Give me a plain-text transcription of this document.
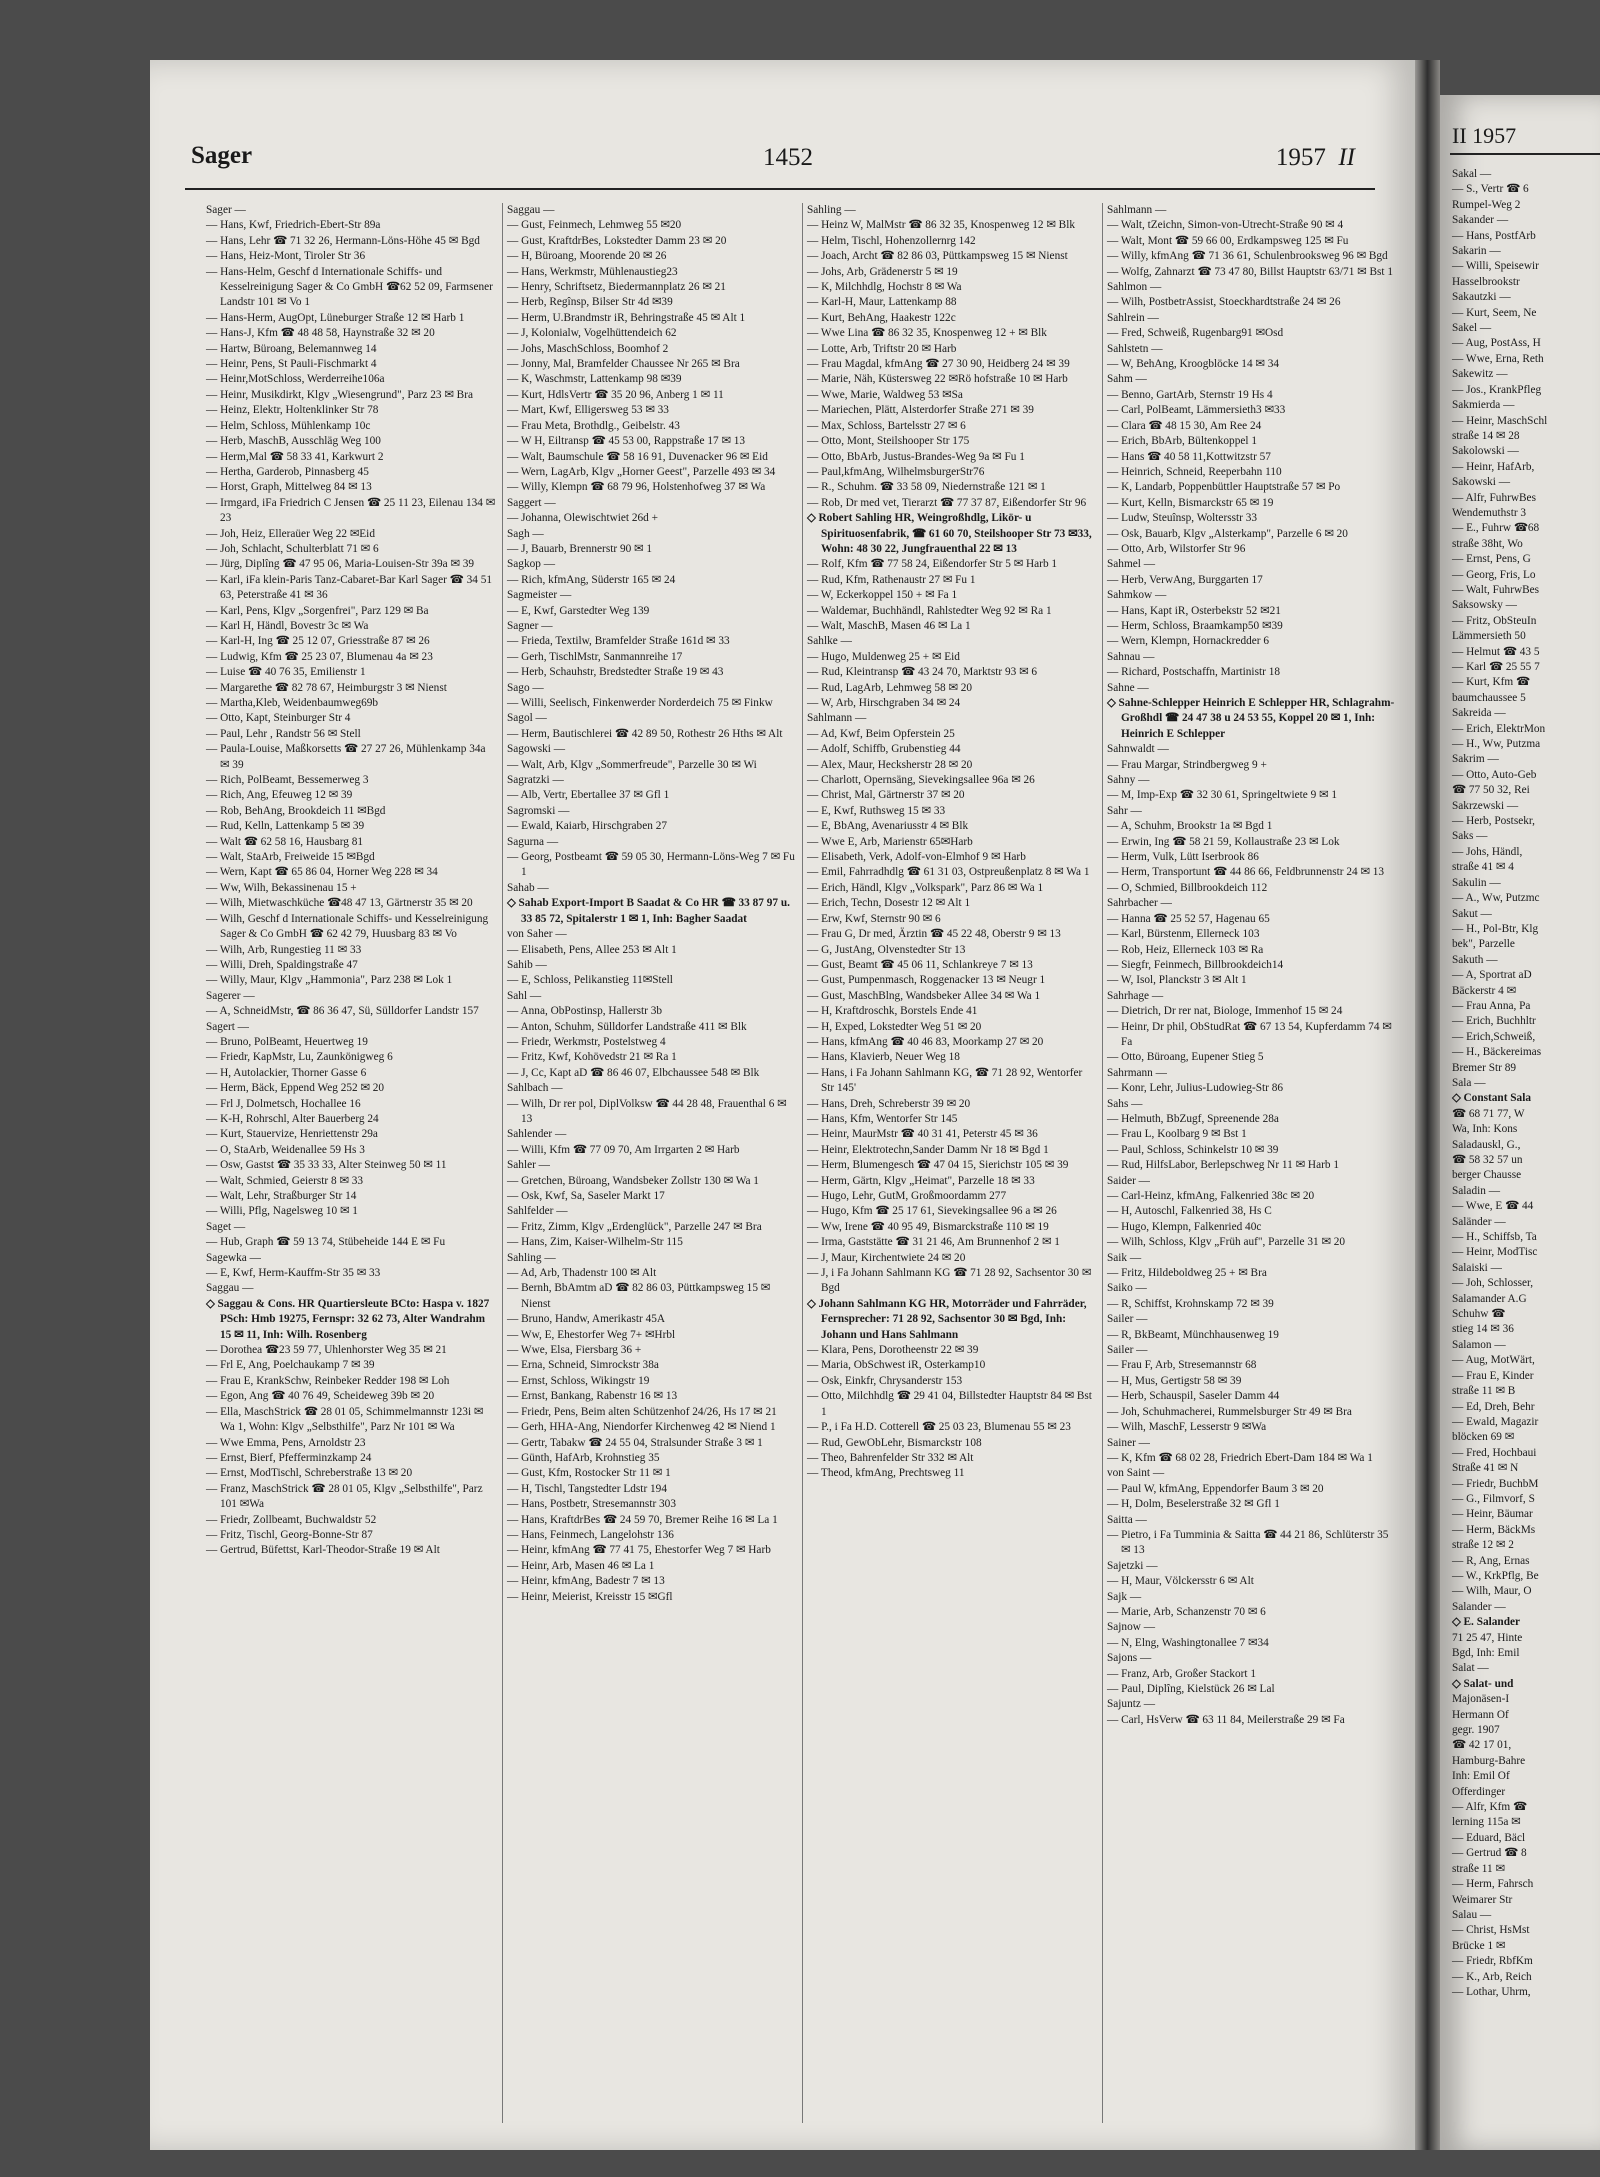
Sager	1452	1957 II
Sager —
— Hans, Kwf, Friedrich-Ebert-Str 89a
— Hans, Lehr ☎ 71 32 26, Hermann-Löns-Höhe 45 ✉ Bgd
— Hans, Heiz-Mont, Tiroler Str 36
— Hans-Helm, Geschf d Internationale Schiffs- und Kesselreinigung Sager & Co GmbH ☎62 52 09, Farmsener Landstr 101 ✉ Vo 1
— Hans-Herm, AugOpt, Lüneburger Straße 12 ✉ Harb 1
— Hans-J, Kfm ☎ 48 48 58, Haynstraße 32 ✉ 20
— Hartw, Büroang, Belemannweg 14
— Heinr, Pens, St Pauli-Fischmarkt 4
— Heinr,MotSchloss, Werderreihe106a
— Heinr, Musikdirkt, Klgv „Wiesengrund", Parz 23 ✉ Bra
— Heinz, Elektr, Holtenklinker Str 78
— Helm, Schloss, Mühlenkamp 10c
— Herb, MaschB, Ausschläg Weg 100
— Herm,Mal ☎ 58 33 41, Karkwurt 2
— Hertha, Garderob, Pinnasberg 45
— Horst, Graph, Mittelweg 84 ✉ 13
— Irmgard, iFa Friedrich C Jensen ☎ 25 11 23, Eilenau 134 ✉ 23
— Joh, Heiz, Elleraüer Weg 22 ✉Eid
— Joh, Schlacht, Schulterblatt 71 ✉ 6
— Jürg, Diplîng ☎ 47 95 06, Maria-Louisen-Str 39a ✉ 39
— Karl, iFa klein-Paris Tanz-Cabaret-Bar Karl Sager ☎ 34 51 63, Peterstraße 41 ✉ 36
— Karl, Pens, Klgv „Sorgenfrei", Parz 129 ✉ Ba
— Karl H, Händl, Bovestr 3c ✉ Wa
— Karl-H, Ing ☎ 25 12 07, Griesstraße 87 ✉ 26
— Ludwig, Kfm ☎ 25 23 07, Blumenau 4a ✉ 23
— Luise ☎ 40 76 35, Emilienstr 1
— Margarethe ☎ 82 78 67, Heimburgstr 3 ✉ Nienst
— Martha,Kleb, Weidenbaumweg69b
— Otto, Kapt, Steinburger Str 4
— Paul, Lehr , Randstr 56 ✉ Stell
— Paula-Louise, Maßkorsetts ☎ 27 27 26, Mühlenkamp 34a ✉ 39
— Rich, PolBeamt, Bessemerweg 3
— Rich, Ang, Efeuweg 12 ✉ 39
— Rob, BehAng, Brookdeich 11 ✉Bgd
— Rud, Kelln, Lattenkamp 5 ✉ 39
— Walt ☎ 62 58 16, Hausbarg 81
— Walt, StaArb, Freiweide 15 ✉Bgd
— Wern, Kapt ☎ 65 86 04, Horner Weg 228 ✉ 34
— Ww, Wilh, Bekassinenau 15 +
— Wilh, Mietwaschküche ☎48 47 13, Gärtnerstr 35 ✉ 20
— Wilh, Geschf d Internationale Schiffs- und Kesselreinigung Sager & Co GmbH ☎ 62 42 79, Huusbarg 83 ✉ Vo
— Wilh, Arb, Rungestieg 11 ✉ 33
— Willi, Dreh, Spaldingstraße 47
— Willy, Maur, Klgv „Hammonia", Parz 238 ✉ Lok 1
Sagerer —
— A, SchneidMstr, ☎ 86 36 47, Sü, Sülldorfer Landstr 157
Sagert —
— Bruno, PolBeamt, Heuertweg 19
— Friedr, KapMstr, Lu, Zaunkönigweg 6
— H, Autolackier, Thorner Gasse 6
— Herm, Bäck, Eppend Weg 252 ✉ 20
— Frl J, Dolmetsch, Hochallee 16
— K-H, Rohrschl, Alter Bauerberg 24
— Kurt, Stauervize, Henriettenstr 29a
— O, StaArb, Weidenallee 59 Hs 3
— Osw, Gastst ☎ 35 33 33, Alter Steinweg 50 ✉ 11
— Walt, Schmied, Geierstr 8 ✉ 33
— Walt, Lehr, Straßburger Str 14
— Willi, Pflg, Nagelsweg 10 ✉ 1
Saget —
— Hub, Graph ☎ 59 13 74, Stübeheide 144 E ✉ Fu
Sagewka —
— E, Kwf, Herm-Kauffm-Str 35 ✉ 33
Saggau —
◇ Saggau & Cons. HR Quartiersleute BCto: Haspa v. 1827 PSch: Hmb 19275, Fernspr: 32 62 73, Alter Wandrahm 15 ✉ 11, Inh: Wilh. Rosenberg
— Dorothea ☎23 59 77, Uhlenhorster Weg 35 ✉ 21
— Frl E, Ang, Poelchaukamp 7 ✉ 39
— Frau E, KrankSchw, Reinbeker Redder 198 ✉ Loh
— Egon, Ang ☎ 40 76 49, Scheideweg 39b ✉ 20
— Ella, MaschStrick ☎ 28 01 05, Schimmelmannstr 123i ✉ Wa 1, Wohn: Klgv „Selbsthilfe", Parz Nr 101 ✉ Wa
— Wwe Emma, Pens, Arnoldstr 23
— Ernst, Bierf, Pfefferminzkamp 24
— Ernst, ModTischl, Schreberstraße 13 ✉ 20
— Franz, MaschStrick ☎ 28 01 05, Klgv „Selbsthilfe", Parz 101 ✉Wa
— Friedr, Zollbeamt, Buchwaldstr 52
— Fritz, Tischl, Georg-Bonne-Str 87
— Gertrud, Büfettst, Karl-Theodor-Straße 19 ✉ Alt
Saggau —
— Gust, Feinmech, Lehmweg 55 ✉20
— Gust, KraftdrBes, Lokstedter Damm 23 ✉ 20
— H, Büroang, Moorende 20 ✉ 26
— Hans, Werkmstr, Mühlenaustieg23
— Henry, Schriftsetz, Biedermannplatz 26 ✉ 21
— Herb, Regînsp, Bilser Str 4d ✉39
— Herm, U.Brandmstr iR, Behringstraße 45 ✉ Alt 1
— J, Kolonialw, Vogelhüttendeich 62
— Johs, MaschSchloss, Boomhof 2
— Jonny, Mal, Bramfelder Chaussee Nr 265 ✉ Bra
— K, Waschmstr, Lattenkamp 98 ✉39
— Kurt, HdlsVertr ☎ 35 20 96, Anberg 1 ✉ 11
— Mart, Kwf, Elligersweg 53 ✉ 33
— Frau Meta, Brothdlg., Geibelstr. 43
— W H, Eiltransp ☎ 45 53 00, Rappstraße 17 ✉ 13
— Walt, Baumschule ☎ 58 16 91, Duvenacker 96 ✉ Eid
— Wern, LagArb, Klgv „Horner Geest", Parzelle 493 ✉ 34
— Willy, Klempn ☎ 68 79 96, Holstenhofweg 37 ✉ Wa
Saggert —
— Johanna, Olewischtwiet 26d +
Sagh —
— J, Bauarb, Brennerstr 90 ✉ 1
Sagkop —
— Rich, kfmAng, Süderstr 165 ✉ 24
Sagmeister —
— E, Kwf, Garstedter Weg 139
Sagner —
— Frieda, Textilw, Bramfelder Straße 161d ✉ 33
— Gerh, TischlMstr, Sanmannreihe 17
— Herb, Schauhstr, Bredstedter Straße 19 ✉ 43
Sago —
— Willi, Seelisch, Finkenwerder Norderdeich 75 ✉ Finkw
Sagol —
— Herm, Bautischlerei ☎ 42 89 50, Rothestr 26 Hths ✉ Alt
Sagowski —
— Walt, Arb, Klgv „Sommerfreude", Parzelle 30 ✉ Wi
Sagratzki —
— Alb, Vertr, Ebertallee 37 ✉ Gfl 1
Sagromski —
— Ewald, Kaiarb, Hirschgraben 27
Sagurna —
— Georg, Postbeamt ☎ 59 05 30, Hermann-Löns-Weg 7 ✉ Fu 1
Sahab —
◇ Sahab Export-Import B Saadat & Co HR ☎ 33 87 97 u. 33 85 72, Spitalerstr 1 ✉ 1, Inh: Bagher Saadat
von Saher —
— Elisabeth, Pens, Allee 253 ✉ Alt 1
Sahib —
— E, Schloss, Pelikanstieg 11✉Stell
Sahl —
— Anna, ObPostinsp, Hallerstr 3b
— Anton, Schuhm, Sülldorfer Landstraße 411 ✉ Blk
— Friedr, Werkmstr, Postelstweg 4
— Fritz, Kwf, Kohövedstr 21 ✉ Ra 1
— J, Cc, Kapt aD ☎ 86 46 07, Elbchaussee 548 ✉ Blk
Sahlbach —
— Wilh, Dr rer pol, DiplVolksw ☎ 44 28 48, Frauenthal 6 ✉ 13
Sahlender —
— Willi, Kfm ☎ 77 09 70, Am Irrgarten 2 ✉ Harb
Sahler —
— Gretchen, Büroang, Wandsbeker Zollstr 130 ✉ Wa 1
— Osk, Kwf, Sa, Saseler Markt 17
Sahlfelder —
— Fritz, Zimm, Klgv „Erdenglück", Parzelle 247 ✉ Bra
— Hans, Zim, Kaiser-Wilhelm-Str 115
Sahling —
— Ad, Arb, Thadenstr 100 ✉ Alt
— Bernh, BbAmtm aD ☎ 82 86 03, Püttkampsweg 15 ✉ Nienst
— Bruno, Handw, Amerikastr 45A
— Ww, E, Ehestorfer Weg 7+ ✉Hrbl
— Wwe, Elsa, Fiersbarg 36 +
— Erna, Schneid, Simrockstr 38a
— Ernst, Schloss, Wikingstr 19
— Ernst, Bankang, Rabenstr 16 ✉ 13
— Friedr, Pens, Beim alten Schützenhof 24/26, Hs 17 ✉ 21
— Gerh, HHA-Ang, Niendorfer Kirchenweg 42 ✉ Niend 1
— Gertr, Tabakw ☎ 24 55 04, Stralsunder Straße 3 ✉ 1
— Günth, HafArb, Krohnstieg 35
— Gust, Kfm, Rostocker Str 11 ✉ 1
— H, Tischl, Tangstedter Ldstr 194
— Hans, Postbetr, Stresemannstr 303
— Hans, KraftdrBes ☎ 24 59 70, Bremer Reihe 16 ✉ La 1
— Hans, Feinmech, Langelohstr 136
— Heinr, kfmAng ☎ 77 41 75, Ehestorfer Weg 7 ✉ Harb
— Heinr, Arb, Masen 46 ✉ La 1
— Heinr, kfmAng, Badestr 7 ✉ 13
— Heinr, Meierist, Kreisstr 15 ✉Gfl
Sahling —
— Heinz W, MalMstr ☎ 86 32 35, Knospenweg 12 ✉ Blk
— Helm, Tischl, Hohenzollernrg 142
— Joach, Archt ☎ 82 86 03, Püttkampsweg 15 ✉ Nienst
— Johs, Arb, Grädenerstr 5 ✉ 19
— K, Milchhdlg, Hochstr 8 ✉ Wa
— Karl-H, Maur, Lattenkamp 88
— Kurt, BehAng, Haakestr 122c
— Wwe Lina ☎ 86 32 35, Knospenweg 12 + ✉ Blk
— Lotte, Arb, Triftstr 20 ✉ Harb
— Frau Magdal, kfmAng ☎ 27 30 90, Heidberg 24 ✉ 39
— Marie, Näh, Küstersweg 22 ✉Rö hofstraße 10 ✉ Harb
— Wwe, Marie, Waldweg 53 ✉Sa
— Mariechen, Plätt, Alsterdorfer Straße 271 ✉ 39
— Max, Schloss, Bartelsstr 27 ✉ 6
— Otto, Mont, Steilshooper Str 175
— Otto, BbArb, Justus-Brandes-Weg 9a ✉ Fu 1
— Paul,kfmAng, WilhelmsburgerStr76
— R., Schuhm. ☎ 33 58 09, Niedernstraße 121 ✉ 1
— Rob, Dr med vet, Tierarzt ☎ 77 37 87, Eißendorfer Str 96
◇ Robert Sahling HR, Weingroßhdlg, Likör- u Spirituosenfabrik, ☎ 61 60 70, Steilshooper Str 73 ✉33, Wohn: 48 30 22, Jungfrauenthal 22 ✉ 13
— Rolf, Kfm ☎ 77 58 24, Eißendorfer Str 5 ✉ Harb 1
— Rud, Kfm, Rathenaustr 27 ✉ Fu 1
— W, Eckerkoppel 150 + ✉ Fa 1
— Waldemar, Buchhändl, Rahlstedter Weg 92 ✉ Ra 1
— Walt, MaschB, Masen 46 ✉ La 1
Sahlke —
— Hugo, Muldenweg 25 + ✉ Eid
— Rud, Kleintransp ☎ 43 24 70, Marktstr 93 ✉ 6
— Rud, LagArb, Lehmweg 58 ✉ 20
— W, Arb, Hirschgraben 34 ✉ 24
Sahlmann —
— Ad, Kwf, Beim Opferstein 25
— Adolf, Schiffb, Grubenstieg 44
— Alex, Maur, Hecksherstr 28 ✉ 20
— Charlott, Opernsäng, Sievekingsallee 96a ✉ 26
— Christ, Mal, Gärtnerstr 37 ✉ 20
— E, Kwf, Ruthsweg 15 ✉ 33
— E, BbAng, Avenariusstr 4 ✉ Blk
— Wwe E, Arb, Marienstr 65✉Harb
— Elisabeth, Verk, Adolf-von-Elmhof 9 ✉ Harb
— Emil, Fahrradhdlg ☎ 61 31 03, Ostpreußenplatz 8 ✉ Wa 1
— Erich, Händl, Klgv „Volkspark", Parz 86 ✉ Wa 1
— Erich, Techn, Dosestr 12 ✉ Alt 1
— Erw, Kwf, Sternstr 90 ✉ 6
— Frau G, Dr med, Ärztin ☎ 45 22 48, Oberstr 9 ✉ 13
— G, JustAng, Olvenstedter Str 13
— Gust, Beamt ☎ 45 06 11, Schlankreye 7 ✉ 13
— Gust, Pumpenmasch, Roggenacker 13 ✉ Neugr 1
— Gust, MaschBlng, Wandsbeker Allee 34 ✉ Wa 1
— H, Kraftdroschk, Borstels Ende 41
— H, Exped, Lokstedter Weg 51 ✉ 20
— Hans, kfmAng ☎ 40 46 83, Moorkamp 27 ✉ 20
— Hans, Klavierb, Neuer Weg 18
— Hans, i Fa Johann Sahlmann KG, ☎ 71 28 92, Wentorfer Str 145'
— Hans, Dreh, Schreberstr 39 ✉ 20
— Hans, Kfm, Wentorfer Str 145
— Heinr, MaurMstr ☎ 40 31 41, Peterstr 45 ✉ 36
— Heinr, Elektrotechn,Sander Damm Nr 18 ✉ Bgd 1
— Herm, Blumengesch ☎ 47 04 15, Sierichstr 105 ✉ 39
— Herm, Gärtn, Klgv „Heimat", Parzelle 18 ✉ 33
— Hugo, Lehr, GutM, Großmoordamm 277
— Hugo, Kfm ☎ 25 17 61, Sievekingsallee 96 a ✉ 26
— Ww, Irene ☎ 40 95 49, Bismarckstraße 110 ✉ 19
— Irma, Gaststätte ☎ 31 21 46, Am Brunnenhof 2 ✉ 1
— J, Maur, Kirchentwiete 24 ✉ 20
— J, i Fa Johann Sahlmann KG ☎ 71 28 92, Sachsentor 30 ✉ Bgd
◇ Johann Sahlmann KG HR, Motorräder und Fahrräder, Fernsprecher: 71 28 92, Sachsentor 30 ✉ Bgd, Inh: Johann und Hans Sahlmann
— Klara, Pens, Dorotheenstr 22 ✉ 39
— Maria, ObSchwest iR, Osterkamp10
— Osk, Einkfr, Chrysanderstr 153
— Otto, Milchhdlg ☎ 29 41 04, Billstedter Hauptstr 84 ✉ Bst 1
— P., i Fa H.D. Cotterell ☎ 25 03 23, Blumenau 55 ✉ 23
— Rud, GewObLehr, Bismarckstr 108
— Theo, Bahrenfelder Str 332 ✉ Alt
— Theod, kfmAng, Prechtsweg 11
Sahlmann —
— Walt, tZeichn, Simon-von-Utrecht-Straße 90 ✉ 4
— Walt, Mont ☎ 59 66 00, Erdkampsweg 125 ✉ Fu
— Willy, kfmAng ☎ 71 36 61, Schulenbrooksweg 96 ✉ Bgd
— Wolfg, Zahnarzt ☎ 73 47 80, Billst Hauptstr 63/71 ✉ Bst 1
Sahlmon —
— Wilh, PostbetrAssist, Stoeckhardtstraße 24 ✉ 26
Sahlrein —
— Fred, Schweiß, Rugenbarg91 ✉Osd
Sahlstetn —
— W, BehAng, Kroogblöcke 14 ✉ 34
Sahm —
— Benno, GartArb, Sternstr 19 Hs 4
— Carl, PolBeamt, Lämmersieth3 ✉33
— Clara ☎ 48 15 30, Am Ree 24
— Erich, BbArb, Bültenkoppel 1
— Hans ☎ 40 58 11,Kottwitzstr 57
— Heinrich, Schneid, Reeperbahn 110
— K, Landarb, Poppenbüttler Hauptstraße 57 ✉ Po
— Kurt, Kelln, Bismarckstr 65 ✉ 19
— Ludw, Steuînsp, Woltersstr 33
— Osk, Bauarb, Klgv „Alsterkamp", Parzelle 6 ✉ 20
— Otto, Arb, Wilstorfer Str 96
Sahmel —
— Herb, VerwAng, Burggarten 17
Sahmkow —
— Hans, Kapt iR, Osterbekstr 52 ✉21
— Herm, Schloss, Braamkamp50 ✉39
— Wern, Klempn, Hornackredder 6
Sahnau —
— Richard, Postschaffn, Martinistr 18
Sahne —
◇ Sahne-Schlepper Heinrich E Schlepper HR, Schlagrahm-Großhdl ☎ 24 47 38 u 24 53 55, Koppel 20 ✉ 1, Inh: Heinrich E Schlepper
Sahnwaldt —
— Frau Margar, Strindbergweg 9 +
Sahny —
— M, Imp-Exp ☎ 32 30 61, Springeltwiete 9 ✉ 1
Sahr —
— A, Schuhm, Brookstr 1a ✉ Bgd 1
— Erwin, Ing ☎ 58 21 59, Kollaustraße 23 ✉ Lok
— Herm, Vulk, Lütt Iserbrook 86
— Herm, Transportunt ☎ 44 86 66, Feldbrunnenstr 24 ✉ 13
— O, Schmied, Billbrookdeich 112
Sahrbacher —
— Hanna ☎ 25 52 57, Hagenau 65
— Karl, Bürstenm, Ellerneck 103
— Rob, Heiz, Ellerneck 103 ✉ Ra
— Siegfr, Feinmech, Billbrookdeich14
— W, Isol, Planckstr 3 ✉ Alt 1
Sahrhage —
— Dietrich, Dr rer nat, Biologe, Immenhof 15 ✉ 24
— Heinr, Dr phil, ObStudRat ☎ 67 13 54, Kupferdamm 74 ✉ Fa
— Otto, Büroang, Eupener Stieg 5
Sahrmann —
— Konr, Lehr, Julius-Ludowieg-Str 86
Sahs —
— Helmuth, BbZugf, Spreenende 28a
— Frau L, Koolbarg 9 ✉ Bst 1
— Paul, Schloss, Schinkelstr 10 ✉ 39
— Rud, HilfsLabor, Berlepschweg Nr 11 ✉ Harb 1
Saider —
— Carl-Heinz, kfmAng, Falkenried 38c ✉ 20
— H, Autoschl, Falkenried 38, Hs C
— Hugo, Klempn, Falkenried 40c
— Wilh, Schloss, Klgv „Früh auf", Parzelle 31 ✉ 20
Saik —
— Fritz, Hildeboldweg 25 + ✉ Bra
Saiko —
— R, Schiffst, Krohnskamp 72 ✉ 39
Sailer —
— R, BkBeamt, Münchhausenweg 19
Sailer —
— Frau F, Arb, Stresemannstr 68
— H, Mus, Gertigstr 58 ✉ 39
— Herb, Schauspil, Saseler Damm 44
— Joh, Schuhmacherei, Rummelsburger Str 49 ✉ Bra
— Wilh, MaschF, Lesserstr 9 ✉Wa
Sainer —
— K, Kfm ☎ 68 02 28, Friedrich Ebert-Dam 184 ✉ Wa 1
von Saint —
— Paul W, kfmAng, Eppendorfer Baum 3 ✉ 20
— H, Dolm, Beselerstraße 32 ✉ Gfl 1
Saitta —
— Pietro, i Fa Tumminia & Saitta ☎ 44 21 86, Schlüterstr 35 ✉ 13
Sajetzki —
— H, Maur, Völckersstr 6 ✉ Alt
Sajk —
— Marie, Arb, Schanzenstr 70 ✉ 6
Sajnow —
— N, Elng, Washingtonallee 7 ✉34
Sajons —
— Franz, Arb, Großer Stackort 1
— Paul, Diplîng, Kielstück 26 ✉ Lal
Sajuntz —
— Carl, HsVerw ☎ 63 11 84, Meilerstraße 29 ✉ Fa
II 1957
Sakal —
— S., Vertr ☎ 6
Rumpel-Weg 2
Sakander —
— Hans, PostfArb
Sakarin —
— Willi, Speisewir
Hasselbrookstr
Sakautzki —
— Kurt, Seem, Ne
Sakel —
— Aug, PostAss, H
— Wwe, Erna, Reth
Sakewitz —
— Jos., KrankPfleg
Sakmierda —
— Heinr, MaschSchl
straße 14 ✉ 28
Sakolowski —
— Heinr, HafArb,
Sakowski —
— Alfr, FuhrwBes
Wendemuthstr 3
— E., Fuhrw ☎68
straße 38ht, Wo
— Ernst, Pens, G
— Georg, Fris, Lo
— Walt, FuhrwBes
Saksowsky —
— Fritz, ObSteuIn
Lämmersieth 50
— Helmut ☎ 43 5
— Karl ☎ 25 55 7
— Kurt, Kfm ☎
baumchaussee 5
Sakreida —
— Erich, ElektrMon
— H., Ww, Putzma
Sakrim —
— Otto, Auto-Geb
☎ 77 50 32, Rei
Sakrzewski —
— Herb, Postsekr,
Saks —
— Johs, Händl,
straße 41 ✉ 4
Sakulin —
— A., Ww, Putzmc
Sakut —
— H., Pol-Btr, Klg
bek", Parzelle
Sakuth —
— A, Sportrat aD
Bäckerstr 4 ✉
— Frau Anna, Pa
— Erich, Buchhltr
— Erich,Schweiß,
— H., Bäckereimas
Bremer Str 89
Sala —
◇ Constant Sala
☎ 68 71 77, W
Wa, Inh: Kons
Saladauskl, G.,
☎ 58 32 57 un
berger Chausse
Saladin —
— Wwe, E ☎ 44
Saländer —
— H., Schiffsb, Ta
— Heinr, ModTisc
Salaiski —
— Joh, Schlosser,
Salamander A.G
Schuhw ☎
stieg 14 ✉ 36
Salamon —
— Aug, MotWärt,
— Frau E, Kinder
straße 11 ✉ B
— Ed, Dreh, Behr
— Ewald, Magazir
blöcken 69 ✉
— Fred, Hochbaui
Straße 41 ✉ N
— Friedr, BuchbM
— G., Filmvorf, S
— Heinr, Bäumar
— Herm, BäckMs
straße 12 ✉ 2
— R, Ang, Ernas
— W., KrkPflg, Be
— Wilh, Maur, O
Salander —
◇ E. Salander
71 25 47, Hinte
Bgd, Inh: Emil
Salat —
◇ Salat- und
Majonäsen-I
Hermann Of
gegr. 1907
☎ 42 17 01,
Hamburg-Bahre
Inh: Emil Of
Offerdinger
— Alfr, Kfm ☎
lerning 115a ✉
— Eduard, Bäcl
— Gertrud ☎ 8
straße 11 ✉
— Herm, Fahrsch
Weimarer Str
Salau —
— Christ, HsMst
Brücke 1 ✉
— Friedr, RbfKm
— K., Arb, Reich
— Lothar, Uhrm,
